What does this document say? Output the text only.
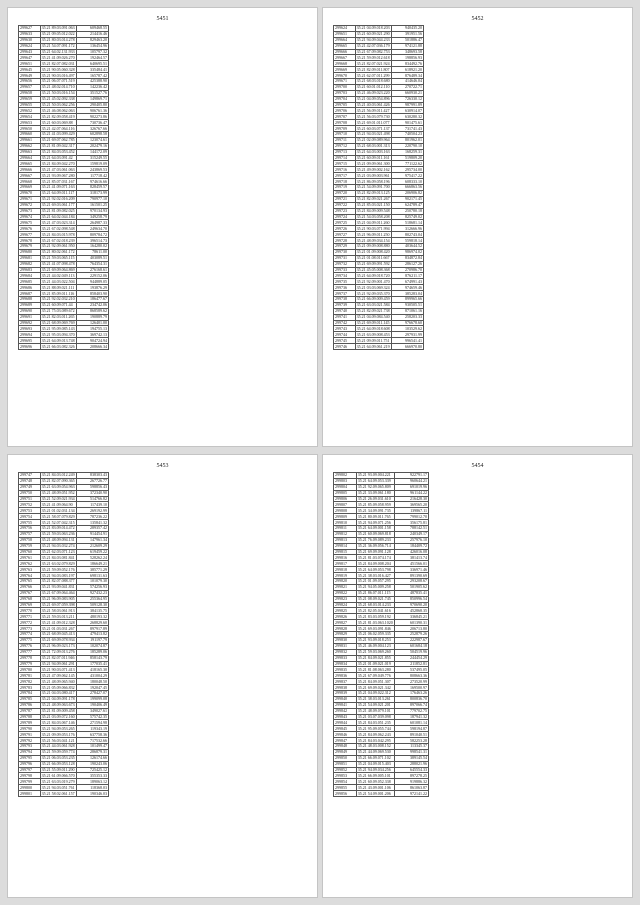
5451
299627	35.21 89.03.091.063	609468.55
299633	35.21 09.05.012.022	214416.46
299630	35.21 80.03.014.278	829463.20
299624	35.21 54.07.091.172	136454.96
299643	35.21 64.02.131.933	105797.32
299647	35.21 41.09.026.270	192464.57
299651	35.21 82.07.082.031	640695.51
299645	35.21 90.05.060.328	335484.41
299649	35.21 90.03.016.497	165787.42
299656	35.21 06.07.071.519	425388.90
299657	35.21 48.02.014.710	142236.42
299658	35.21 50.03.016.154	351527.76
299659	35.21 45.02.092.338	149869.71
299655	35.21 50.03.062.256	290405.80
299652	35.21 46.08.062.063	906761.36
299654	35.21 82.09.058.419	902273.86
299653	35.21 60.03.069.88	730736.47
299650	35.21 42.07.064.116	326767.66
299660	35.21 41.03.099.429	602898.58
299661	35.21 69.07.062.785	123074.61
299662	35.21 81.09.042.317	202479.16
299663	35.21 84.03.053.452	144172.09
299664	35.21 64.03.091.42	315249.55
299665	35.21 84.09.042.270	159819.09
299666	35.21 47.03.061.063	243869.53
299667	35.21 93.09.067.280	117718.42
299668	35.21 85.07.031.167	974616.66
299669	35.21 41.09.071.163	828459.57
299670	35.21 64.09.011.117	318173.99
299671	35.21 92.02.016.209	790977.10
299672	35.21 69.03.061.177	161501.25
299673	35.21 81.09.082.025	970134.93
299674	35.21 64.02.044.184	349258.79
299675	35.21 47.03.023.314	264987.33
299676	35.21 67.02.098.548	249634.70
299677	35.21 84.03.015.978	809784.72
299678	35.21 67.02.018.239	396514.73
299679	35.21 92.09.061.950	164280.02
299680	35.21 80.02.061.172	78611.00
299681	35.21 59.03.065.115	403089.51
299682	35.21 41.07.098.478	764354.31
299683	35.21 69.09.064.869	276168.61
299684	35.21 44.02.049.113	229152.06
299685	35.21 44.03.022.504	944889.05
299686	35.21 88.09.021.111	193876.29
299687	35.21 85.09.011.116	858403.90
299688	35.21 92.02.032.210	186477.67
299689	35.21 60.09.071.44	234742.06
299690	35.21 75.03.089.672	868589.62
299691	35.21 82.03.011.265	190889.79
299692	35.21 68.09.069.769	126401.00
299693	35.21 95.09.085.143	194755.13
299694	35.21 95.03.094.370	369742.13
299695	35.21 64.09.013.748	904724.94
299696	35.21 66.03.082.326	208666.34
5452
299624	35.21 04.09.018.203	940435.20
299651	35.21 60.09.021.290	391951.56
299664	35.21 94.09.044.233	501886.47
299665	35.21 42.07.036.179	974121.88
299666	35.21 67.09.082.753	348693.58
299667	35.21 59.09.012.618	198856.93
299668	35.21 82.07.021.924	834492.76
299669	35.21 82.09.011.807	618921.20
299670	35.21 62.07.011.299	876489.34
299671	35.21 68.03.018.680	414646.04
299700	35.21 60.01.012.110	270722.71
299703	35.21 46.09.023.220	660930.21
299704	35.21 04.09.054.896	726330.12
299705	35.21 40.03.061.426	987991.89
299706	35.21 56.09.011.427	630914.07
299707	35.21 56.03.079.730	630280.32
299708	35.21 69.01.011.077	901475.61
299709	35.21 60.03.071.137	731741.43
299710	35.21 94.03.021.498	740504.23
299711	35.21 02.09.089.964	801962.01
299712	35.21 68.03.001.313	220790.10
299713	35.21 64.03.003.163	168259.31
299714	35.21 60.09.011.161	519809.20
299715	35.21 09.09.061.300	771122.62
299716	35.21 49.09.002.162	295734.00
299717	35.21 03.09.003.961	975417.22
299718	35.21 86.09.058.196	608333.10
299719	35.21 54.09.091.700	666863.56
299720	35.21 82.09.013.125	206906.82
299721	35.21 82.09.021.267	902171.45
299722	35.21 85.03.021.150	624789.47
299723	35.21 84.09.009.548	250780.18
299724	35.21 54.03.058.208	825749.02
299725	35.21 04.09.011.260	518681.14
299726	35.21 90.03.071.994	312666.96
299727	35.21 96.09.011.250	802743.04
299728	35.21 48.09.034.154	559818.14
299729	35.21 09.09.008.880	403644.52
299730	35.21 01.09.008.420	986974.02
299731	35.21 01.08.011.667	834872.84
299732	35.21 69.09.091.592	286127.26
299733	35.21 45.05.008.368	270986.70
299734	35.21 64.09.018.720	876211.17
299735	35.21 92.09.001.470	674991.43
299736	35.21 03.03.069.324	974659.46
299737	35.21 92.09.035.370	385283.04
299738	35.21 66.09.009.459	899965.66
299739	35.21 63.03.021.584	930505.51
299740	35.21 82.09.021.738	871061.16
299741	35.21 04.09.084.540	258203.33
299742	35.21 69.09.011.145	976678.60
299743	35.21 64.09.018.608	103529.62
299744	35.21 63.09.008.453	297931.99
299745	35.21 09.09.011.751	996541.41
299746	35.21 64.09.061.219	666970.80
5453
299747	35.21 84.03.012.249	838303.43
299748	35.21 82.07.090.365	267726.77
299749	35.21 63.09.054.963	598856.43
299750	35.21 48.09.051.952	372340.90
299751	35.21 52.09.021.934	514766.82
299752	35.21 41.09.064.90	117439.10
299753	35.21 01.02.031.134	269192.99
299754	35.21 58.07.079.829	787236.22
299755	35.21 52.07.042.315	135841.32
299756	35.21 83.09.014.472	289357.42
299757	35.21 59.03.063.236	914454.91
299758	35.21 48.09.094.131	147961.34
299759	35.21 94.03.032.274	212609.29
299760	35.21 62.03.071.123	619459.22
299761	35.21 84.03.081.841	528262.24
299762	35.21 63.02.079.829	186649.21
299763	35.21 59.09.052.176	385771.29
299764	35.21 94.03.083.197	698131.63
299765	35.21 82.07.088.377	101079.30
299766	35.21 93.09.041.831	574256.93
299767	35.21 67.09.064.464	927432.23
299768	35.21 96.09.083.905	255364.95
299769	35.21 69.07.059.398	509128.30
299770	35.21 58.03.061.913	384135.75
299771	35.21 59.03.013.211	480193.32
299772	35.21 41.09.012.328	268829.60
299773	35.21 01.03.031.267	897917.89
299774	35.21 68.09.045.413	479413.82
299775	35.21 69.09.078.934	191197.79
299776	35.21 96.09.023.173	102074.87
299777	35.21 72.09.013.276	185289.06
299778	35.21 82.07.011.946	858143.79
299779	35.21 94.09.061.291	177035.41
299780	35.21 90.03.071.413	418165.30
299781	35.21 47.09.062.145	431004.29
299782	35.21 48.09.065.940	180048.50
299783	35.21 05.09.066.832	192047.45
299784	35.21 04.03.080.417	278427.07
299785	35.21 04.09.091.178	199099.08
299786	35.21 48.09.063.673	190406.49
299787	35.21 81.09.009.458	349027.61
299788	35.21 03.09.072.160	575742.35
299789	35.21 84.03.067.146	271594.98
299790	35.21 94.09.053.265	119343.19
299791	35.21 09.09.053.176	637758.36
299792	35.21 56.03.041.121	717532.66
299793	35.21 44.03.061.928	101499.47
299794	35.21 59.09.059.774	286879.31
299795	35.21 06.03.053.235	126174.66
299796	35.21 66.09.053.128	190243.06
299797	35.21 55.09.011.290	725425.12
299798	35.21 61.09.066.570	355353.33
299799	35.21 63.03.019.279	189063.12
299800	35.21 94.03.051.761	118368.03
299801	35.21 58.02.061.157	190346.03
5454
299802	35.21 93.09.004.221	922791.17
299803	35.21 64.09.053.339	960644.21
299804	35.21 92.09.065.809	691019.96
299805	35.21 33.09.061.180	961144.22
299806	35.21 26.09.031.610	216428.30
299807	35.21 85.09.058.959	369565.20
299808	35.21 34.09.091.735	139867.11
299809	35.21 80.09.011.765	799012.70
299810	35.21 94.09.071.256	356175.81
299811	35.21 64.09.001.158	788142.51
299812	35.21 60.09.069.818	240349.17
299813	35.21 76.09.089.233	257976.10
299814	35.21 36.09.056.714	184409.72
299815	35.21 69.09.091.128	426016.08
299816	35.21 81.03.074.174	381413.74
299817	35.21 84.09.008.204	451566.01
299818	35.21 64.09.053.798	336971.46
299819	35.21 38.03.016.427	891390.69
299820	35.21 01.09.057.295	293208.67
299821	35.21 94.05.009.258	501905.62
299822	35.21 86.07.011.115	487835.41
299823	35.21 08.09.021.745	850996.54
299824	35.21 68.03.014.233	970690.20
299825	35.21 82.05.041.616	452868.35
299826	35.21 83.03.059.192	336845.21
299827	35.21 81.03.063.1020	601390.31
299828	35.21 69.03.091.846	206713.80
299829	35.21 06.02.059.335	252879.26
299830	35.21 93.09.018.253	222987.67
299831	35.21 46.09.004.123	601684.18
299832	35.21 59.03.069.260	504519.96
299833	35.21 84.09.021.855	244454.29
299834	35.21 01.09.021.019	211852.81
299835	35.21 81.08.063.280	537495.05
299836	35.21 67.09.049.776	808663.36
299837	35.21 84.09.051.307	273520.99
299838	35.21 69.09.021.342	169500.97
299839	35.21 04.09.022.312	176463.26
299840	35.21 38.03.013.261	800836.70
299841	35.21 54.09.021.201	897066.74
299842	35.21 48.09.079.101	779702.75
299843	35.21 03.07.039.098	187941.32
299844	35.21 84.03.051.235	601081.14
299845	35.21 95.09.055.744	598194.87
299846	35.21 84.09.062.243	891040.51
299847	35.21 84.03.042.295	582253.28
299848	35.21 48.03.008.152	113345.37
299849	35.21 44.09.069.530	998541.31
299850	35.21 66.09.071.102	389145.54
299851	35.21 04.09.015.403	288021.96
299852	35.21 94.09.034.256	645554.33
299853	35.21 66.09.005.101	897278.25
299854	35.21 60.09.052.338	919886.32
299855	35.21 43.09.001.106	861063.87
299856	35.21 54.09.001.206	972141.22
